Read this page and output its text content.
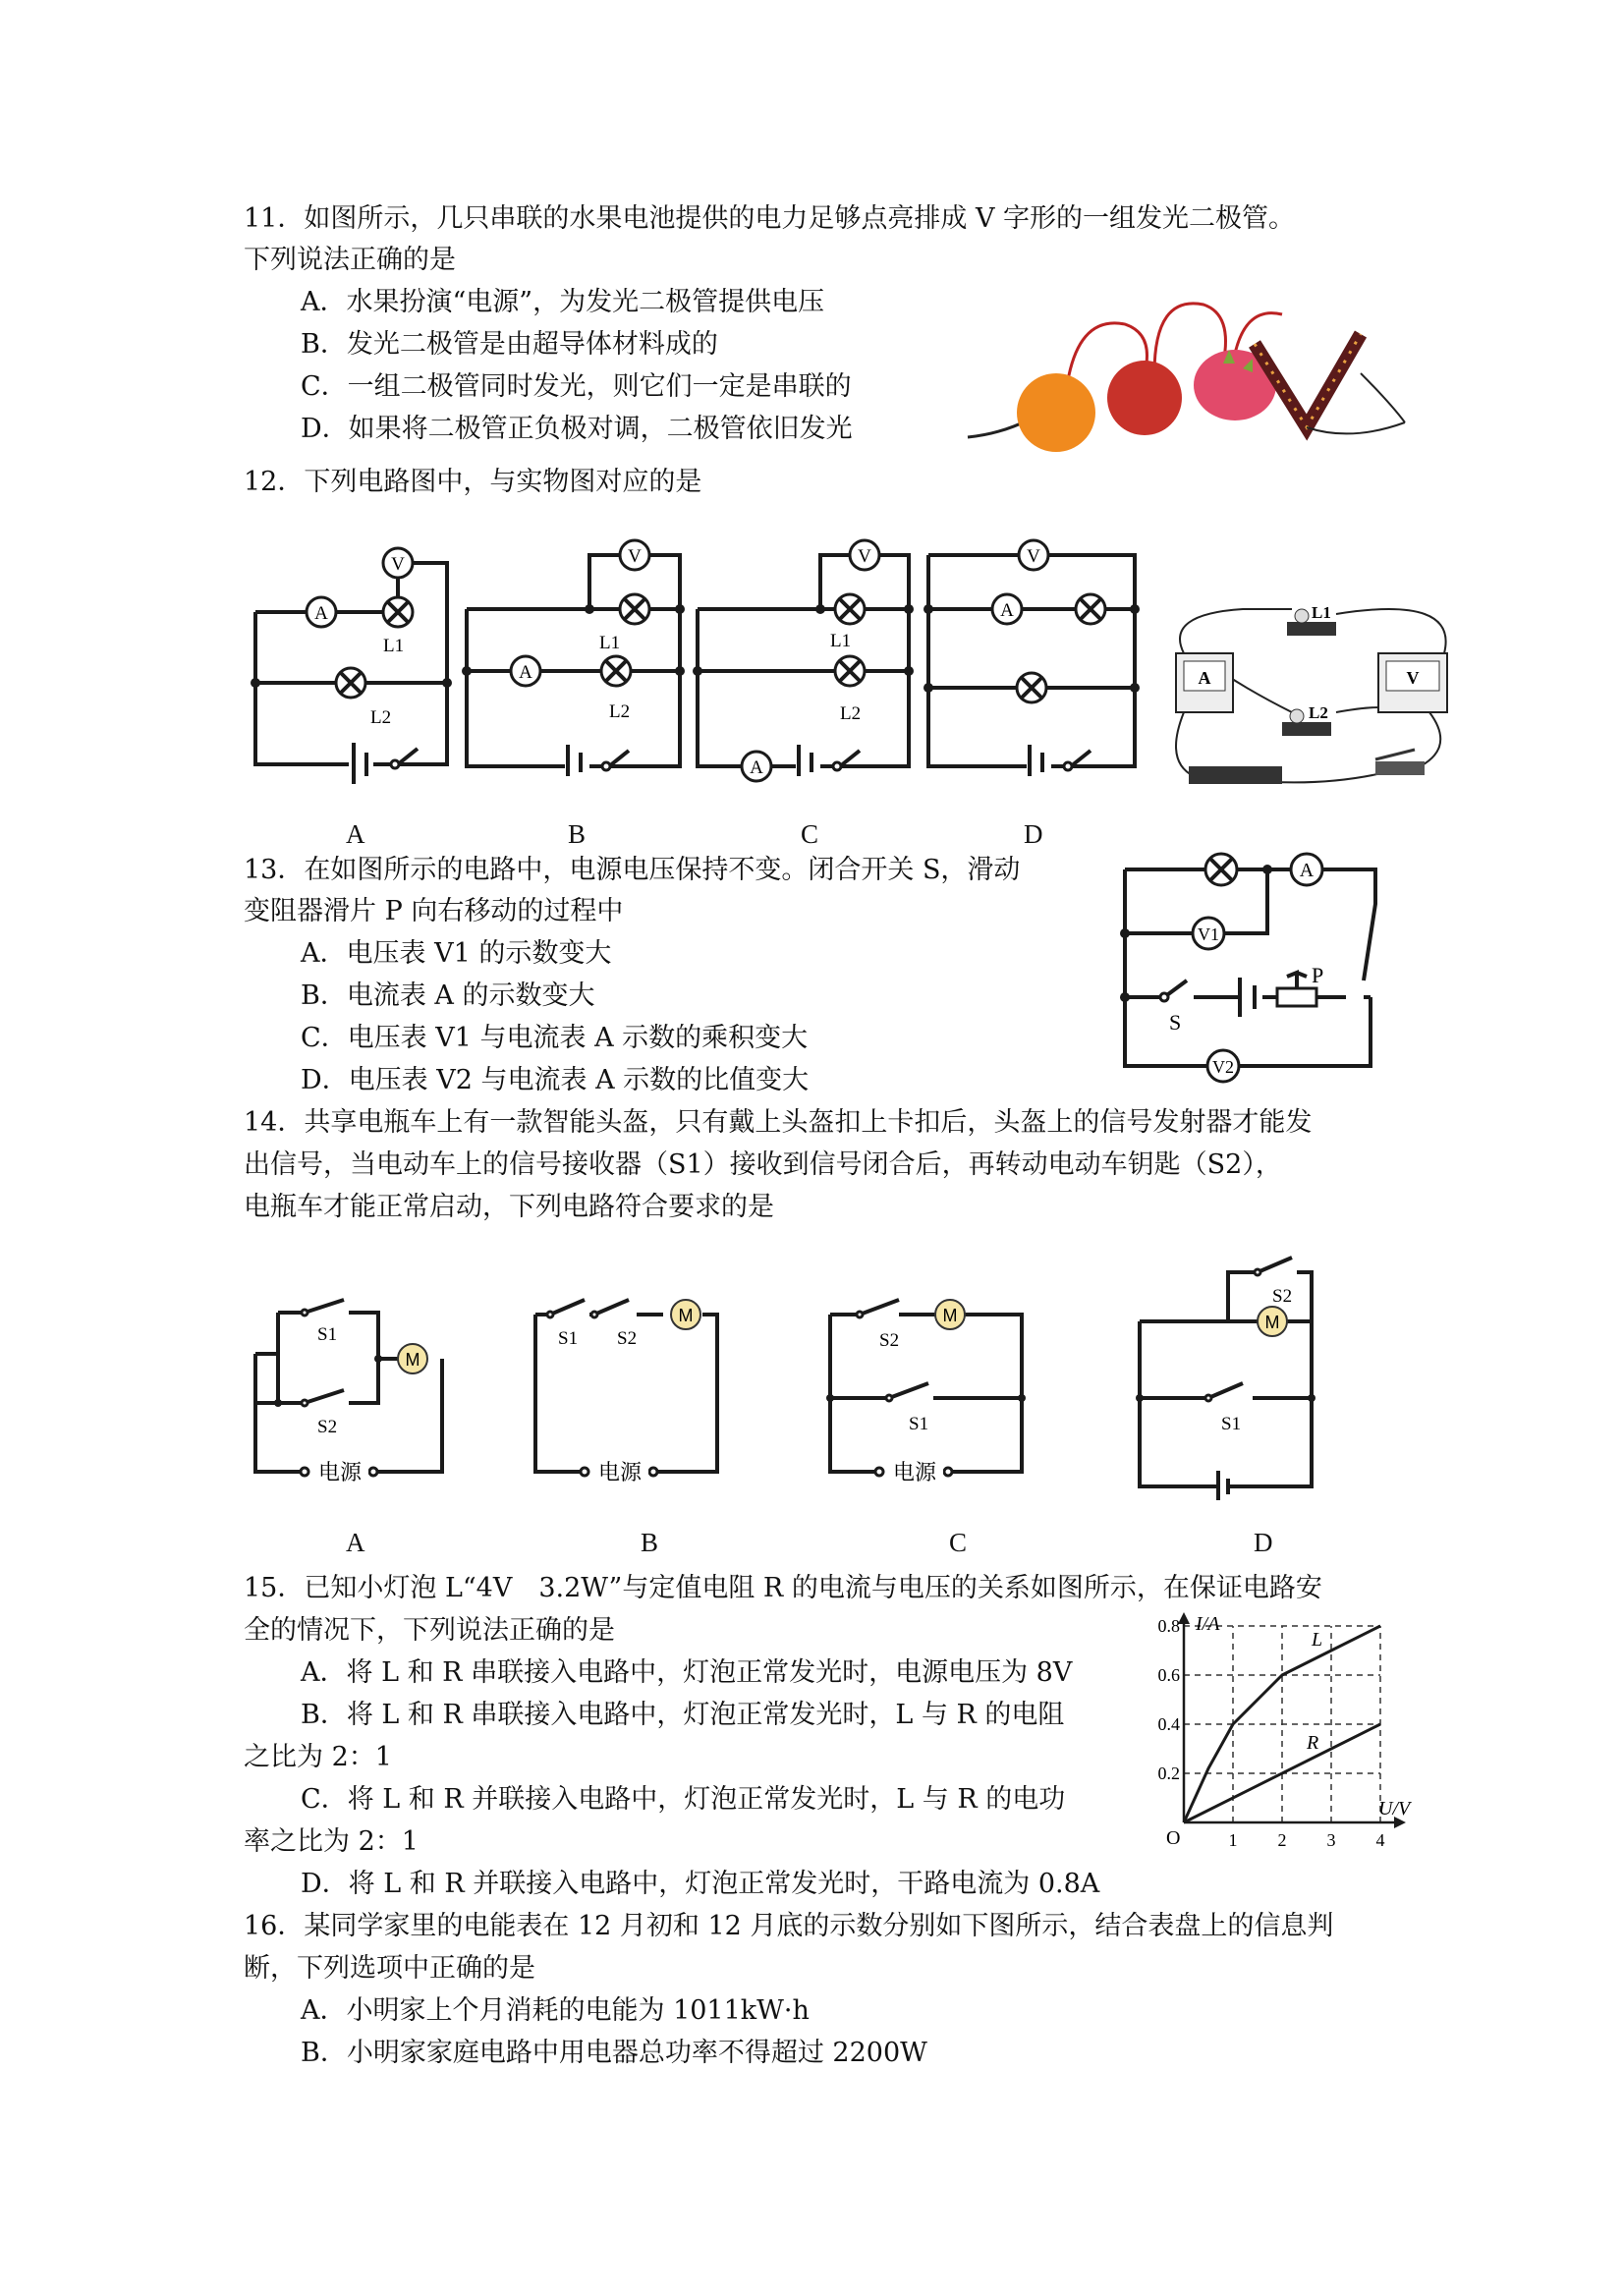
11．如图所示，几只串联的水果电池提供的电力足够点亮排成 V 字形的一组发光二极管。
下列说法正确的是
A．水果扮演“电源”，为发光二极管提供电压
B．发光二极管是由超导体材料成的
C．一组二极管同时发光，则它们一定是串联的
D．如果将二极管正负极对调，二极管依旧发光
12．下列电路图中，与实物图对应的是
A
V
L1
L2
A
V
A
L1
L2
B
V
A
L1
L2
C
V
A
D
A	V
L1
L2
13．在如图所示的电路中，电源电压保持不变。闭合开关 S，滑动
变阻器滑片 P 向右移动的过程中
A．电压表 V1 的示数变大
B．电流表 A 的示数变大
C．电压表 V1 与电流表 A 示数的乘积变大
D．电压表 V2 与电流表 A 示数的比值变大
A
V1
V2
S
P
14．共享电瓶车上有一款智能头盔，只有戴上头盔扣上卡扣后，头盔上的信号发射器才能发
出信号，当电动车上的信号接收器（S1）接收到信号闭合后，再转动电动车钥匙（S2），
电瓶车才能正常启动，下列电路符合要求的是
M
S1
S2
电源
A
M
S1 S2
电源
B
M
S2
S1
电源
C
M
S2
S1
D
15．已知小灯泡 L“4V　3.2W”与定值电阻 R 的电流与电压的关系如图所示，在保证电路安
全的情况下，下列说法正确的是
A．将 L 和 R 串联接入电路中，灯泡正常发光时，电源电压为 8V
B．将 L 和 R 串联接入电路中，灯泡正常发光时，L 与 R 的电阻
之比为 2：1
C．将 L 和 R 并联接入电路中，灯泡正常发光时，L 与 R 的电功
率之比为 2：1
D．将 L 和 R 并联接入电路中，灯泡正常发光时，干路电流为 0.8A
I/A
U/V
O	1 2 3 4
0.2
0.4
0.6
0.8
L
R
16．某同学家里的电能表在 12 月初和 12 月底的示数分别如下图所示，结合表盘上的信息判
断，下列选项中正确的是
A．小明家上个月消耗的电能为 1011kW·h
B．小明家家庭电路中用电器总功率不得超过 2200W
